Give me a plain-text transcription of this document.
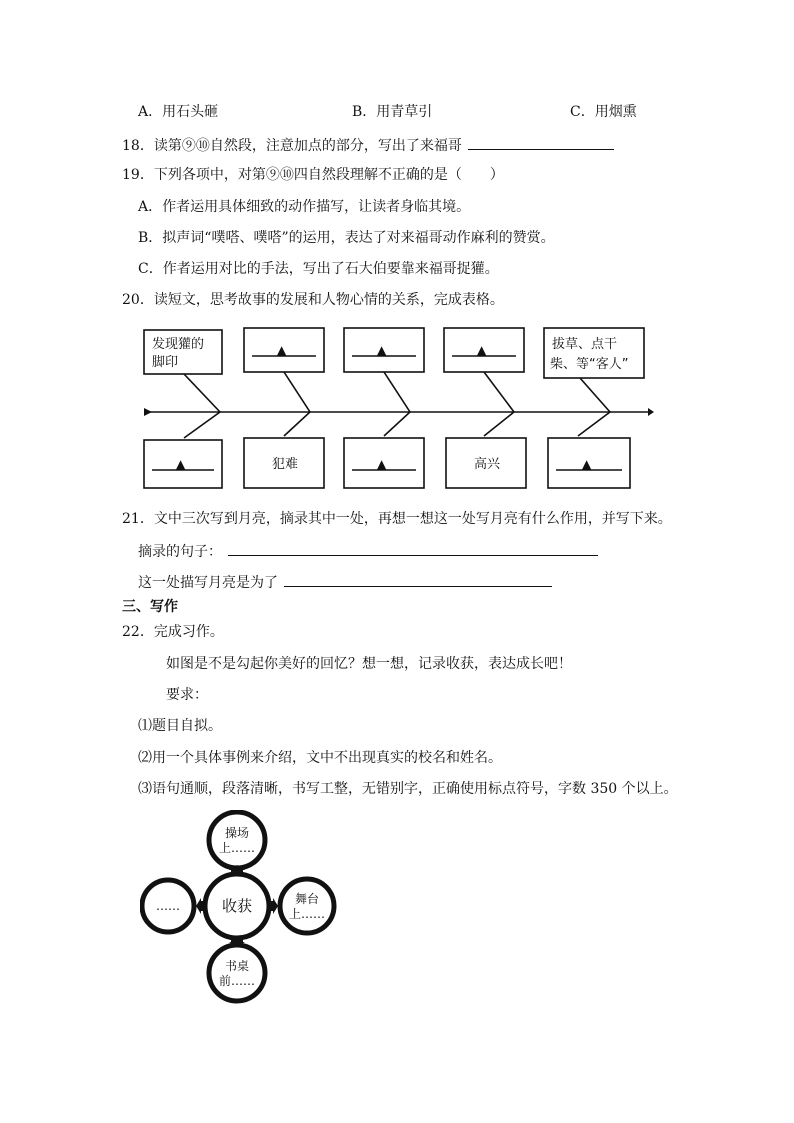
A．用石头砸	B．用青草引	C．用烟熏
18．读第⑨⑩自然段，注意加点的部分，写出了来福哥
19．下列各项中，对第⑨⑩四自然段理解不正确的是（　　）
A．作者运用具体细致的动作描写，让读者身临其境。
B．拟声词“噗嗒、噗嗒”的运用，表达了对来福哥动作麻利的赞赏。
C．作者运用对比的手法，写出了石大伯要靠来福哥捉獾。
20．读短文，思考故事的发展和人物心情的关系，完成表格。
发现獾的
脚印
拔草、点干
柴、等“客人”
犯难	高兴
▲	▲	▲
▲	▲	▲
21．文中三次写到月亮，摘录其中一处，再想一想这一处写月亮有什么作用，并写下来。
摘录的句子：
这一处描写月亮是为了
三、写作
22．完成习作。
如图是不是勾起你美好的回忆？想一想，记录收获，表达成长吧！
要求：
⑴题目自拟。
⑵用一个具体事例来介绍，文中不出现真实的校名和姓名。
⑶语句通顺，段落清晰，书写工整，无错别字，正确使用标点符号，字数 350 个以上。
收获
操场
上……
舞台
上……
书桌
前……
……
